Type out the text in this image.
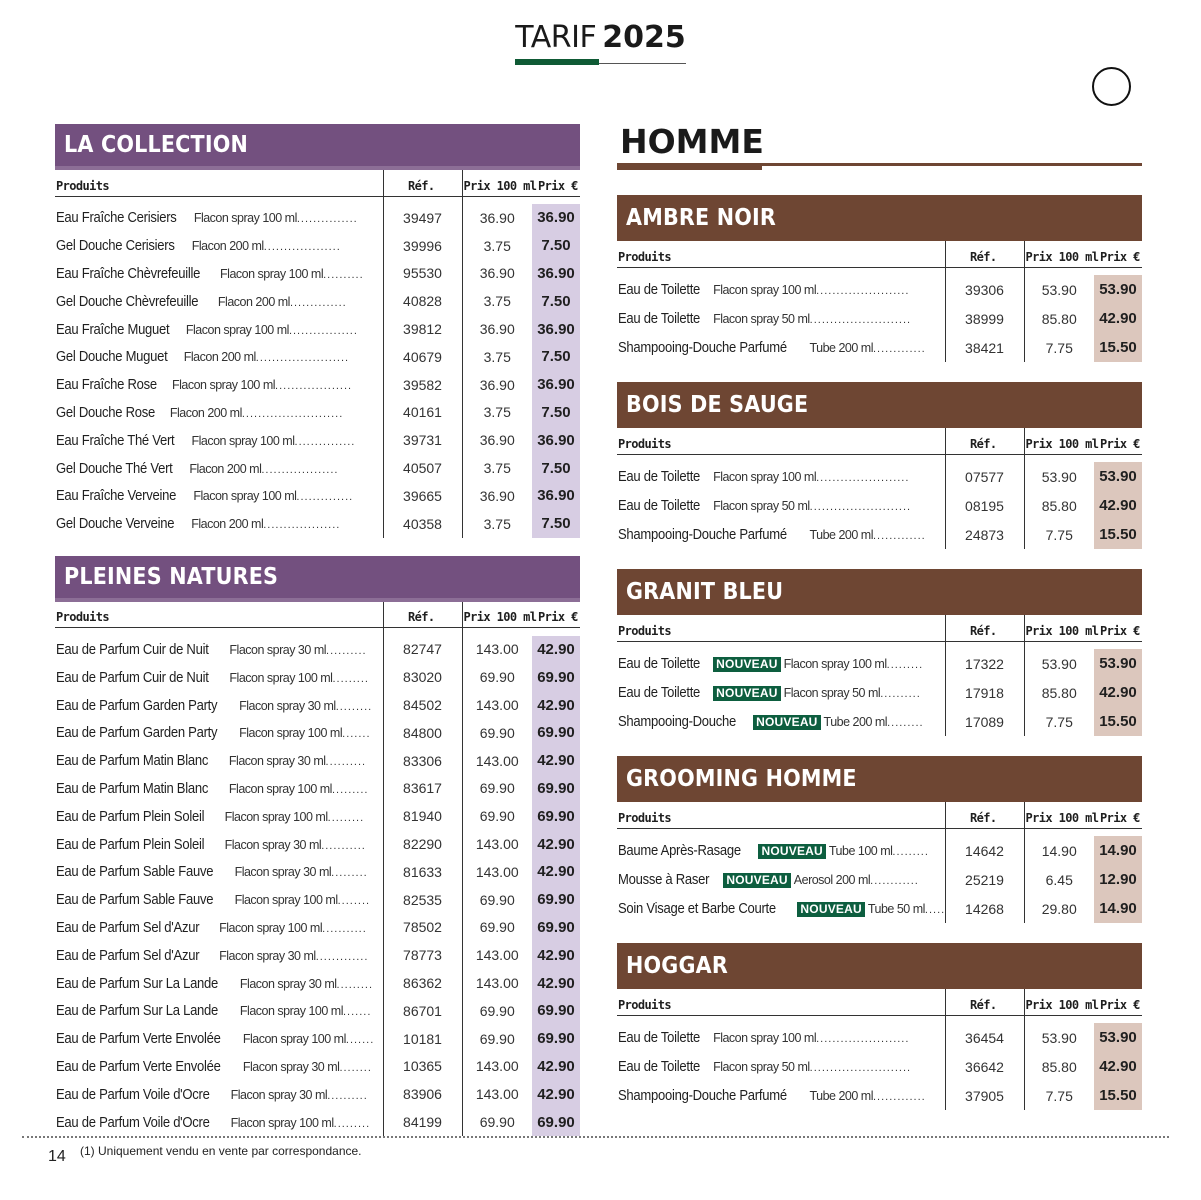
TARIF 2025
LA COLLECTION
Produits	Réf.	Prix 100 ml	Prix €

Eau Fraîche Cerisiers Flacon spray 100 ml...............	39497	36.90	36.90
Gel Douche Cerisiers Flacon 200 ml...................	39996	3.75	7.50
Eau Fraîche Chèvrefeuille Flacon spray 100 ml..........	95530	36.90	36.90
Gel Douche Chèvrefeuille Flacon 200 ml..............	40828	3.75	7.50
Eau Fraîche Muguet Flacon spray 100 ml.................	39812	36.90	36.90
Gel Douche Muguet Flacon 200 ml.......................	40679	3.75	7.50
Eau Fraîche Rose Flacon spray 100 ml...................	39582	36.90	36.90
Gel Douche Rose Flacon 200 ml.........................	40161	3.75	7.50
Eau Fraîche Thé Vert Flacon spray 100 ml...............	39731	36.90	36.90
Gel Douche Thé Vert Flacon 200 ml...................	40507	3.75	7.50
Eau Fraîche Verveine Flacon spray 100 ml..............	39665	36.90	36.90
Gel Douche Verveine Flacon 200 ml...................	40358	3.75	7.50
PLEINES NATURES
Produits	Réf.	Prix 100 ml	Prix €

Eau de Parfum Cuir de Nuit Flacon spray 30 ml..........	82747	143.00	42.90
Eau de Parfum Cuir de Nuit Flacon spray 100 ml.........	83020	69.90	69.90
Eau de Parfum Garden Party Flacon spray 30 ml.........	84502	143.00	42.90
Eau de Parfum Garden Party Flacon spray 100 ml.......	84800	69.90	69.90
Eau de Parfum Matin Blanc Flacon spray 30 ml..........	83306	143.00	42.90
Eau de Parfum Matin Blanc Flacon spray 100 ml.........	83617	69.90	69.90
Eau de Parfum Plein Soleil Flacon spray 100 ml.........	81940	69.90	69.90
Eau de Parfum Plein Soleil Flacon spray 30 ml...........	82290	143.00	42.90
Eau de Parfum Sable Fauve Flacon spray 30 ml.........	81633	143.00	42.90
Eau de Parfum Sable Fauve Flacon spray 100 ml........	82535	69.90	69.90
Eau de Parfum Sel d'Azur Flacon spray 100 ml...........	78502	69.90	69.90
Eau de Parfum Sel d'Azur Flacon spray 30 ml.............	78773	143.00	42.90
Eau de Parfum Sur La Lande Flacon spray 30 ml.........	86362	143.00	42.90
Eau de Parfum Sur La Lande Flacon spray 100 ml.......	86701	69.90	69.90
Eau de Parfum Verte Envolée Flacon spray 100 ml.......	10181	69.90	69.90
Eau de Parfum Verte Envolée Flacon spray 30 ml........	10365	143.00	42.90
Eau de Parfum Voile d'Ocre Flacon spray 30 ml..........	83906	143.00	42.90
Eau de Parfum Voile d'Ocre Flacon spray 100 ml.........	84199	69.90	69.90
HOMME
AMBRE NOIR
Produits	Réf.	Prix 100 ml	Prix €

Eau de Toilette Flacon spray 100 ml.......................	39306	53.90	53.90
Eau de Toilette Flacon spray 50 ml.........................	38999	85.80	42.90
Shampooing-Douche Parfumé Tube 200 ml.............	38421	7.75	15.50
BOIS DE SAUGE
Produits	Réf.	Prix 100 ml	Prix €

Eau de Toilette Flacon spray 100 ml.......................	07577	53.90	53.90
Eau de Toilette Flacon spray 50 ml.........................	08195	85.80	42.90
Shampooing-Douche Parfumé Tube 200 ml.............	24873	7.75	15.50
GRANIT BLEU
Produits	Réf.	Prix 100 ml	Prix €

Eau de Toilette NOUVEAU Flacon spray 100 ml.........	17322	53.90	53.90
Eau de Toilette NOUVEAU Flacon spray 50 ml..........	17918	85.80	42.90
Shampooing-Douche NOUVEAU Tube 200 ml.........	17089	7.75	15.50
GROOMING HOMME
Produits	Réf.	Prix 100 ml	Prix €

Baume Après-Rasage NOUVEAU Tube 100 ml.........	14642	14.90	14.90
Mousse à Raser NOUVEAU Aerosol 200 ml............	25219	6.45	12.90
Soin Visage et Barbe Courte NOUVEAU Tube 50 ml.....	14268	29.80	14.90
HOGGAR
Produits	Réf.	Prix 100 ml	Prix €

Eau de Toilette Flacon spray 100 ml.......................	36454	53.90	53.90
Eau de Toilette Flacon spray 50 ml.........................	36642	85.80	42.90
Shampooing-Douche Parfumé Tube 200 ml.............	37905	7.75	15.50
14 (1) Uniquement vendu en vente par correspondance.
